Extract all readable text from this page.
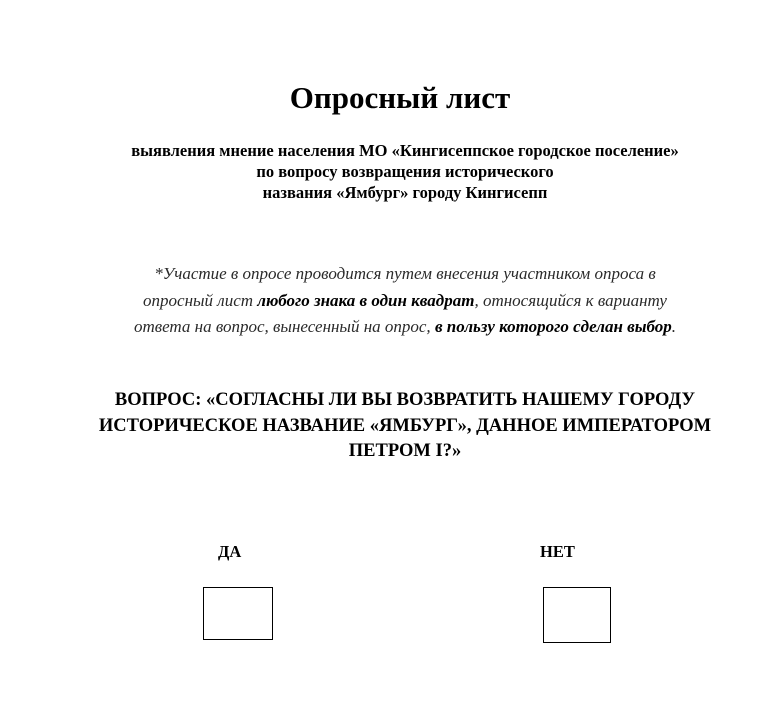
Опросный лист
выявления мнение населения МО «Кингисеппское городское поселение»
по вопросу возвращения исторического
названия «Ямбург» городу Кингисепп
*Участие в опросе проводится путем внесения участником опроса в
опросный лист любого знака в один квадрат, относящийся к варианту
ответа на вопрос, вынесенный на опрос, в пользу которого сделан выбор.
ВОПРОС: «СОГЛАСНЫ ЛИ ВЫ ВОЗВРАТИТЬ НАШЕМУ ГОРОДУ
ИСТОРИЧЕСКОЕ НАЗВАНИЕ «ЯМБУРГ», ДАННОЕ ИМПЕРАТОРОМ
ПЕТРОМ I?»
ДА	НЕТ
